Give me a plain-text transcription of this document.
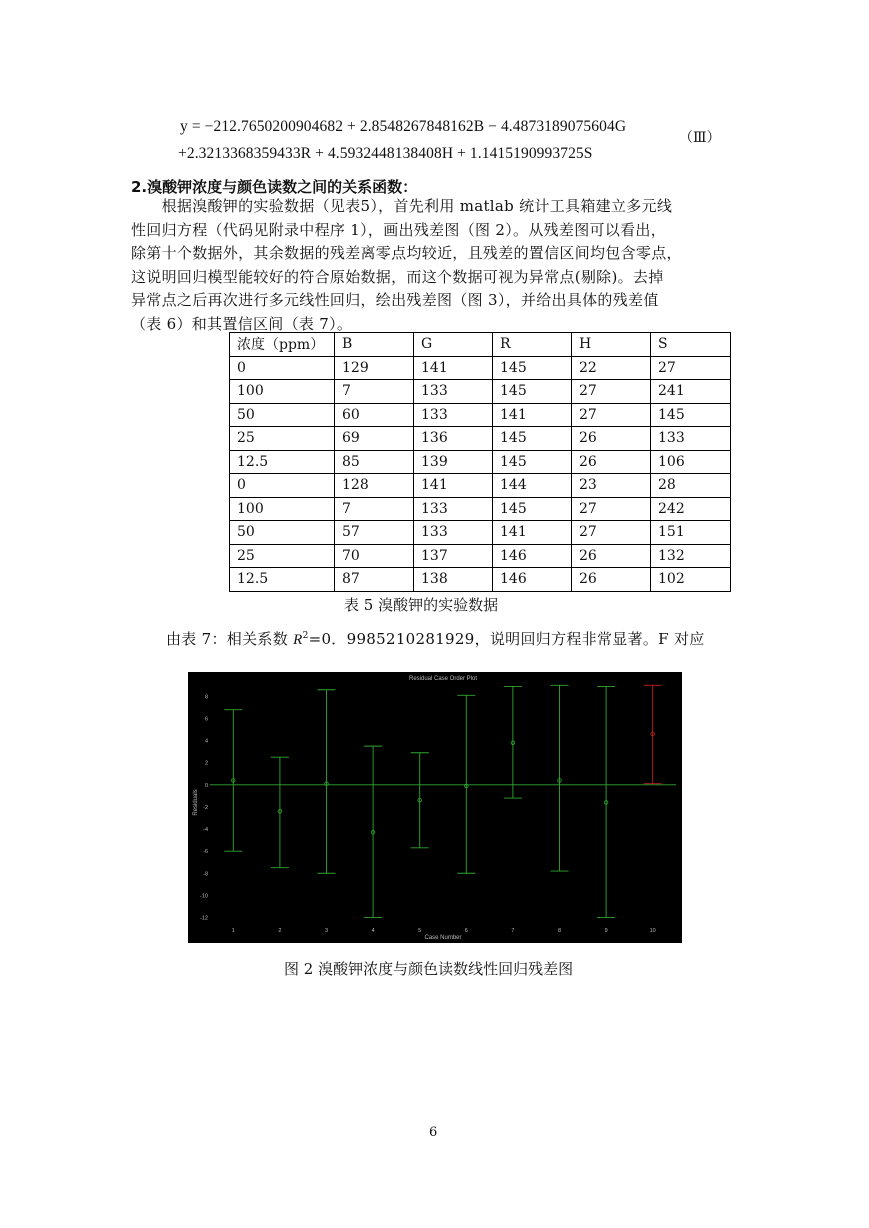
y = −212.7650200904682 + 2.8548267848162B − 4.4873189075604G
+2.3213368359433R + 4.5932448138408H + 1.1415190993725S
（Ⅲ）
2.溴酸钾浓度与颜色读数之间的关系函数：
　　根据溴酸钾的实验数据（见表5），首先利用 matlab 统计工具箱建立多元线
性回归方程（代码见附录中程序 1），画出残差图（图 2）。从残差图可以看出，
除第十个数据外，其余数据的残差离零点均较近，且残差的置信区间均包含零点，
这说明回归模型能较好的符合原始数据，而这个数据可视为异常点(剔除)。去掉
异常点之后再次进行多元线性回归，绘出残差图（图 3），并给出具体的残差值
（表 6）和其置信区间（表 7）。
浓度（ppm）	B	G	R	H	S
0	129	141	145	22	27
100	7	133	145	27	241
50	60	133	141	27	145
25	69	136	145	26	133
12.5	85	139	145	26	106
0	128	141	144	23	28
100	7	133	145	27	242
50	57	133	141	27	151
25	70	137	146	26	132
12.5	87	138	146	26	102
表 5 溴酸钾的实验数据
由表 7：相关系数 $R^2=0$．9985210281929，说明回归方程非常显著。F 对应
Residual Case Order Plot
Case Number
Residuals
8
6
4
2
0
-2
-4
-6
-8
-10
-12
1	2	3	4	5	6	7	8	9	10
图 2 溴酸钾浓度与颜色读数线性回归残差图
6
